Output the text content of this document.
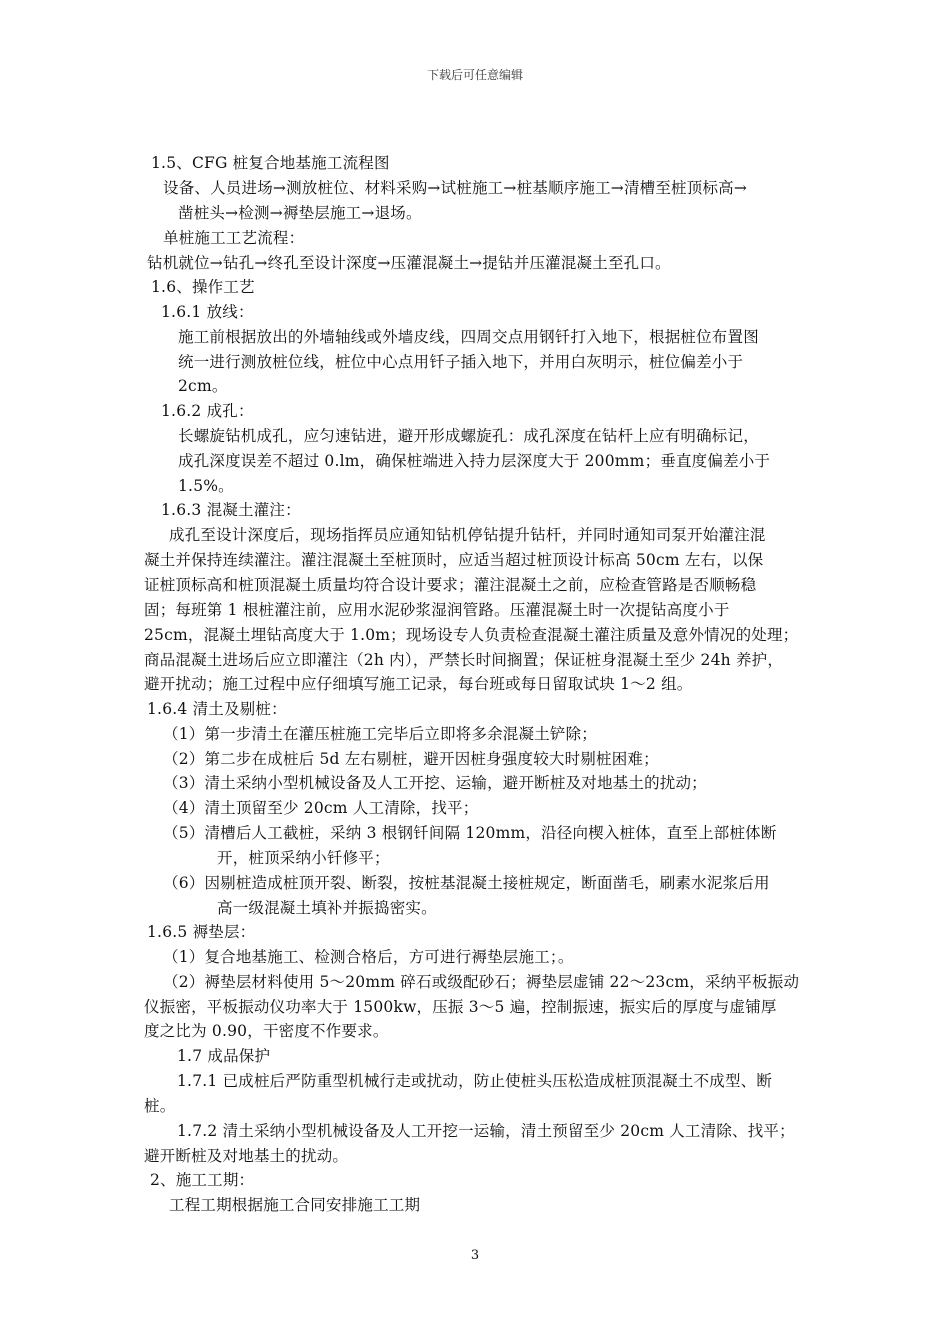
下载后可任意编辑
1.5、CFG 桩复合地基施工流程图
设备、人员进场→测放桩位、材料采购→试桩施工→桩基顺序施工→清槽至桩顶标高→
凿桩头→检测→褥垫层施工→退场。
单桩施工工艺流程：
钻机就位→钻孔→终孔至设计深度→压灌混凝土→提钻并压灌混凝土至孔口。
1.6、操作工艺
1.6.1 放线：
施工前根据放出的外墙轴线或外墙皮线，四周交点用钢钎打入地下，根据桩位布置图
统一进行测放桩位线，桩位中心点用钎子插入地下，并用白灰明示，桩位偏差小于
2cm。
1.6.2 成孔：
长螺旋钻机成孔，应匀速钻进，避开形成螺旋孔：成孔深度在钻杆上应有明确标记，
成孔深度误差不超过 0.lm，确保桩端进入持力层深度大于 200mm；垂直度偏差小于
1.5%。
1.6.3 混凝土灌注：
成孔至设计深度后，现场指挥员应通知钻机停钻提升钻杆，并同时通知司泵开始灌注混
凝土并保持连续灌注。灌注混凝土至桩顶时，应适当超过桩顶设计标高 50cm 左右，以保
证桩顶标高和桩顶混凝土质量均符合设计要求；灌注混凝土之前，应检查管路是否顺畅稳
固；每班第 1 根桩灌注前，应用水泥砂浆湿润管路。压灌混凝土时一次提钻高度小于
25cm，混凝土埋钻高度大于 1.0m；现场设专人负责检查混凝土灌注质量及意外情况的处理；
商品混凝土进场后应立即灌注（2h 内），严禁长时间搁置；保证桩身混凝土至少 24h 养护，
避开扰动；施工过程中应仔细填写施工记录，每台班或每日留取试块 1～2 组。
1.6.4 清土及剔桩：
（1）第一步清土在灌压桩施工完毕后立即将多余混凝土铲除；
（2）第二步在成桩后 5d 左右剔桩，避开因桩身强度较大时剔桩困难；
（3）清土采纳小型机械设备及人工开挖、运输，避开断桩及对地基土的扰动；
（4）清土顶留至少 20cm 人工清除，找平；
（5）清槽后人工截桩，采纳 3 根钢钎间隔 120mm，沿径向楔入桩体，直至上部桩体断
开，桩顶采纳小钎修平；
（6）因剔桩造成桩顶开裂、断裂，按桩基混凝土接桩规定，断面凿毛，刷素水泥浆后用
高一级混凝土填补并振捣密实。
1.6.5 褥垫层：
（1）复合地基施工、检测合格后，方可进行褥垫层施工；。
（2）褥垫层材料使用 5～20mm 碎石或级配砂石；褥垫层虚铺 22～23cm，采纳平板振动
仪振密，平板振动仪功率大于 1500kw，压振 3～5 遍，控制振速，振实后的厚度与虚铺厚
度之比为 0.90，干密度不作要求。
1.7 成品保护
1.7.1 已成桩后严防重型机械行走或扰动，防止使桩头压松造成桩顶混凝土不成型、断
桩。
1.7.2 清土采纳小型机械设备及人工开挖一运输，清土预留至少 20cm 人工清除、找平；
避开断桩及对地基土的扰动。
2、施工工期：
工程工期根据施工合同安排施工工期
3
